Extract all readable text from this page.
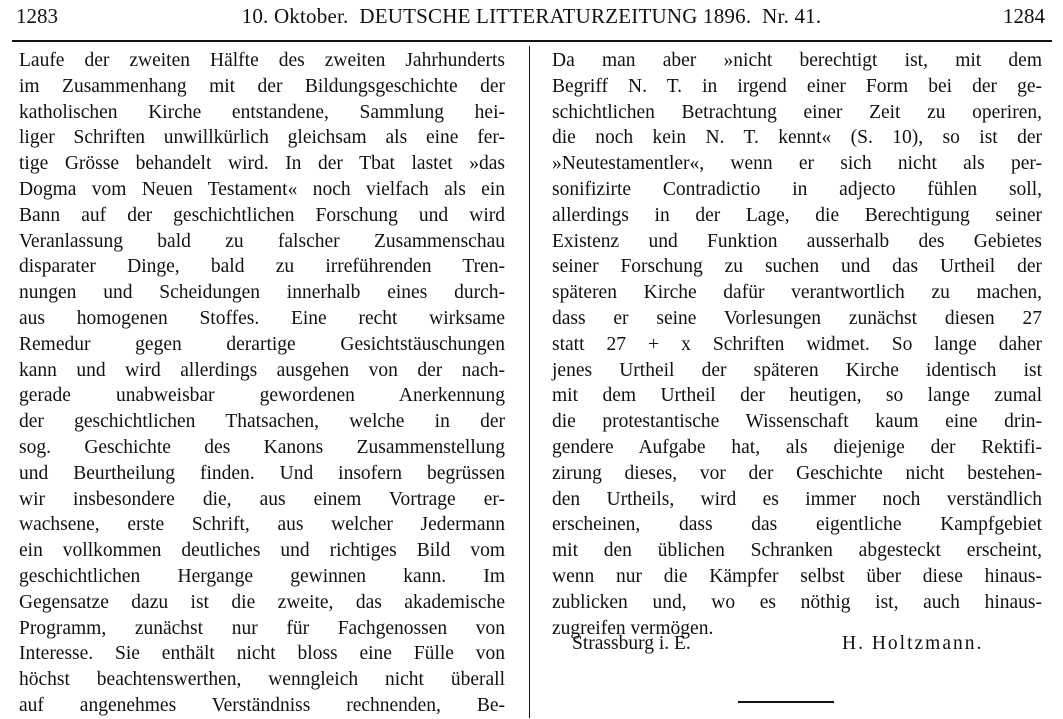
1283	10. Oktober.  DEUTSCHE LITTERATURZEITUNG 1896.  Nr. 41.	1284
Laufe der zweiten Hälfte des zweiten Jahrhunderts
im Zusammenhang mit der Bildungsgeschichte der
katholischen Kirche entstandene, Sammlung hei-
liger Schriften unwillkürlich gleichsam als eine fer-
tige Grösse behandelt wird. In der Tbat lastet »das
Dogma vom Neuen Testament« noch vielfach als ein
Bann auf der geschichtlichen Forschung und wird
Veranlassung bald zu falscher Zusammenschau
disparater Dinge, bald zu irreführenden Tren-
nungen und Scheidungen innerhalb eines durch-
aus homogenen Stoffes. Eine recht wirksame
Remedur gegen derartige Gesichtstäuschungen
kann und wird allerdings ausgehen von der nach-
gerade unabweisbar gewordenen Anerkennung
der geschichtlichen Thatsachen, welche in der
sog. Geschichte des Kanons Zusammenstellung
und Beurtheilung finden. Und insofern begrüssen
wir insbesondere die, aus einem Vortrage er-
wachsene, erste Schrift, aus welcher Jedermann
ein vollkommen deutliches und richtiges Bild vom
geschichtlichen Hergange gewinnen kann. Im
Gegensatze dazu ist die zweite, das akademische
Programm, zunächst nur für Fachgenossen von
Interesse. Sie enthält nicht bloss eine Fülle von
höchst beachtenswerthen, wenngleich nicht überall
auf angenehmes Verständniss rechnenden, Be-
Da man aber »nicht berechtigt ist, mit dem
Begriff N. T. in irgend einer Form bei der ge-
schichtlichen Betrachtung einer Zeit zu operiren,
die noch kein N. T. kennt« (S. 10), so ist der
»Neutestamentler«, wenn er sich nicht als per-
sonifizirte Contradictio in adjecto fühlen soll,
allerdings in der Lage, die Berechtigung seiner
Existenz und Funktion ausserhalb des Gebietes
seiner Forschung zu suchen und das Urtheil der
späteren Kirche dafür verantwortlich zu machen,
dass er seine Vorlesungen zunächst diesen 27
statt 27 + x Schriften widmet. So lange daher
jenes Urtheil der späteren Kirche identisch ist
mit dem Urtheil der heutigen, so lange zumal
die protestantische Wissenschaft kaum eine drin-
gendere Aufgabe hat, als diejenige der Rektifi-
zirung dieses, vor der Geschichte nicht bestehen-
den Urtheils, wird es immer noch verständlich
erscheinen, dass das eigentliche Kampfgebiet
mit den üblichen Schranken abgesteckt erscheint,
wenn nur die Kämpfer selbst über diese hinaus-
zublicken und, wo es nöthig ist, auch hinaus-
zugreifen vermögen.
Strassburg i. E.	H. Holtzmann.
